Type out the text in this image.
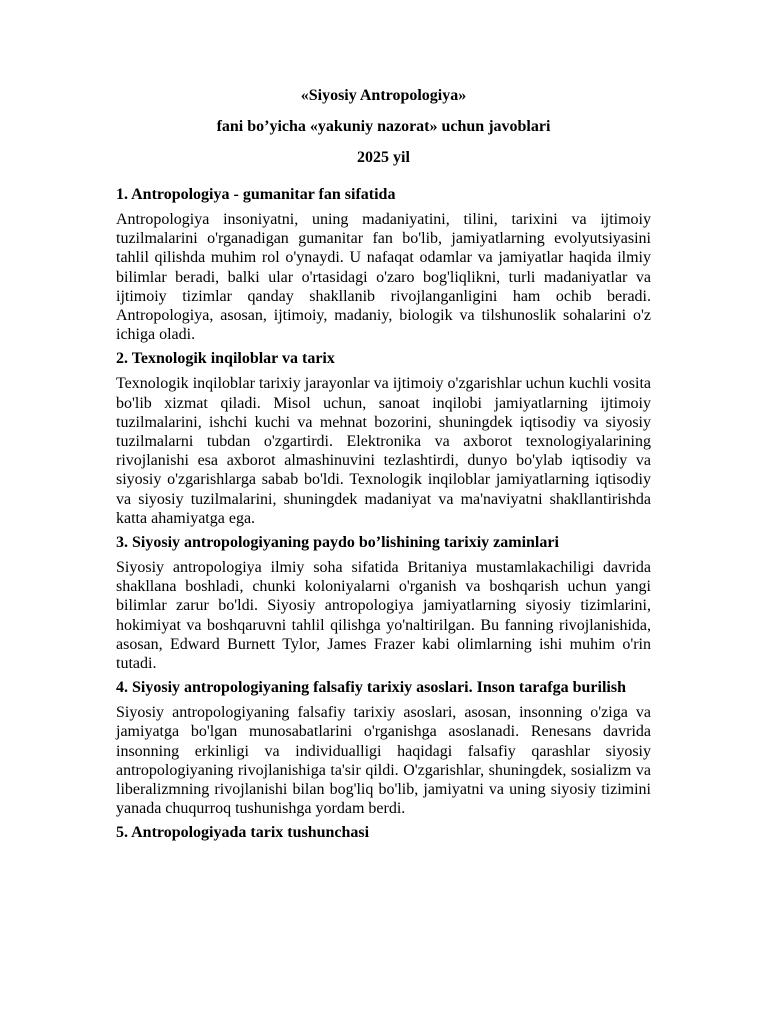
«Siyosiy Antropologiya»
fani bo’yicha «yakuniy nazorat» uchun javoblari
2025 yil
1. Antropologiya - gumanitar fan sifatida
Antropologiya insoniyatni, uning madaniyatini, tilini, tarixini va ijtimoiy tuzilmalarini o'rganadigan gumanitar fan bo'lib, jamiyatlarning evolyutsiyasini tahlil qilishda muhim rol o'ynaydi. U nafaqat odamlar va jamiyatlar haqida ilmiy bilimlar beradi, balki ular o'rtasidagi o'zaro bog'liqlikni, turli madaniyatlar va ijtimoiy tizimlar qanday shakllanib rivojlanganligini ham ochib beradi. Antropologiya, asosan, ijtimoiy, madaniy, biologik va tilshunoslik sohalarini o'z ichiga oladi.
2. Texnologik inqiloblar va tarix
Texnologik inqiloblar tarixiy jarayonlar va ijtimoiy o'zgarishlar uchun kuchli vosita bo'lib xizmat qiladi. Misol uchun, sanoat inqilobi jamiyatlarning ijtimoiy tuzilmalarini, ishchi kuchi va mehnat bozorini, shuningdek iqtisodiy va siyosiy tuzilmalarni tubdan o'zgartirdi. Elektronika va axborot texnologiyalarining rivojlanishi esa axborot almashinuvini tezlashtirdi, dunyo bo'ylab iqtisodiy va siyosiy o'zgarishlarga sabab bo'ldi. Texnologik inqiloblar jamiyatlarning iqtisodiy va siyosiy tuzilmalarini, shuningdek madaniyat va ma'naviyatni shakllantirishda katta ahamiyatga ega.
3. Siyosiy antropologiyaning paydo bo’lishining tarixiy zaminlari
Siyosiy antropologiya ilmiy soha sifatida Britaniya mustamlakachiligi davrida shakllana boshladi, chunki koloniyalarni o'rganish va boshqarish uchun yangi bilimlar zarur bo'ldi. Siyosiy antropologiya jamiyatlarning siyosiy tizimlarini, hokimiyat va boshqaruvni tahlil qilishga yo'naltirilgan. Bu fanning rivojlanishida, asosan, Edward Burnett Tylor, James Frazer kabi olimlarning ishi muhim o'rin tutadi.
4. Siyosiy antropologiyaning falsafiy tarixiy asoslari. Inson tarafga burilish
Siyosiy antropologiyaning falsafiy tarixiy asoslari, asosan, insonning o'ziga va jamiyatga bo'lgan munosabatlarini o'rganishga asoslanadi. Renesans davrida insonning erkinligi va individualligi haqidagi falsafiy qarashlar siyosiy antropologiyaning rivojlanishiga ta'sir qildi. O'zgarishlar, shuningdek, sosializm va liberalizmning rivojlanishi bilan bog'liq bo'lib, jamiyatni va uning siyosiy tizimini yanada chuqurroq tushunishga yordam berdi.
5. Antropologiyada tarix tushunchasi
